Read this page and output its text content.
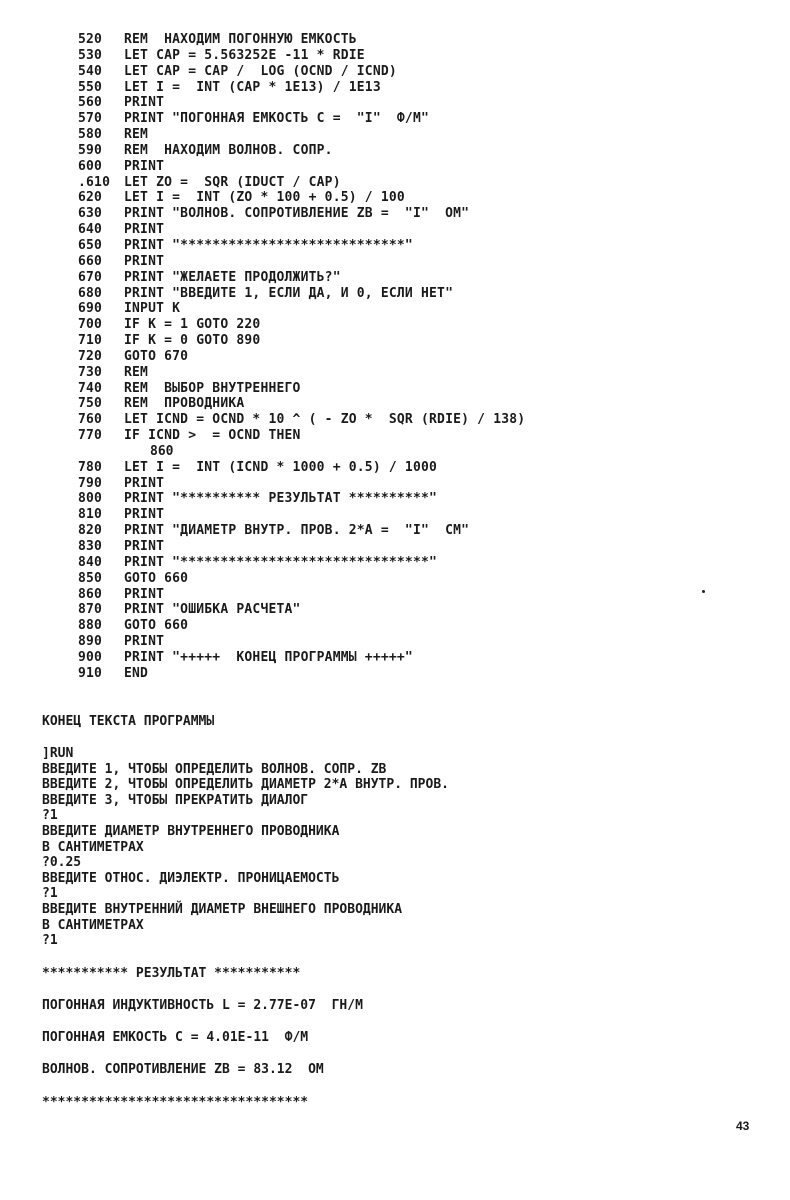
520	REM  НАХОДИМ ПОГОННУЮ ЕМКОСТЬ
530	LET CAP = 5.563252E -11 * RDIE
540	LET CAP = CAP /  LOG (OCND / ICND)
550	LET I =  INT (CAP * 1E13) / 1E13
560	PRINT
570	PRINT "ПОГОННАЯ ЕМКОСТЬ C =  "I"  Ф/М"
580	REM
590	REM  НАХОДИМ ВОЛНОВ. СОПР.
600	PRINT
.610	LET ZO =  SQR (IDUCT / CAP)
620	LET I =  INT (ZO * 100 + 0.5) / 100
630	PRINT "ВОЛНОВ. СОПРОТИВЛЕНИЕ ZB =  "I"  ОМ"
640	PRINT
650	PRINT "****************************"
660	PRINT
670	PRINT "ЖЕЛАЕТЕ ПРОДОЛЖИТЬ?"
680	PRINT "ВВЕДИТЕ 1, ЕСЛИ ДА, И 0, ЕСЛИ НЕТ"
690	INPUT K
700	IF K = 1 GOTO 220
710	IF K = 0 GOTO 890
720	GOTO 670
730	REM
740	REM  ВЫБОР ВНУТРЕННЕГО
750	REM  ПРОВОДНИКА
760	LET ICND = OCND * 10 ^ ( - ZO *  SQR (RDIE) / 138)
770	IF ICND >  = OCND THEN
860
780	LET I =  INT (ICND * 1000 + 0.5) / 1000
790	PRINT
800	PRINT "********** РЕЗУЛЬТАТ **********"
810	PRINT
820	PRINT "ДИАМЕТР ВНУТР. ПРОВ. 2*A =  "I"  СМ"
830	PRINT
840	PRINT "*******************************"
850	GOTO 660
860	PRINT
870	PRINT "ОШИБКА РАСЧЕТА"
880	GOTO 660
890	PRINT
900	PRINT "+++++  КОНЕЦ ПРОГРАММЫ +++++"
910	END
КОНЕЦ ТЕКСТА ПРОГРАММЫ
]RUN
ВВЕДИТЕ 1, ЧТОБЫ ОПРЕДЕЛИТЬ ВОЛНОВ. СОПР. ZB
ВВЕДИТЕ 2, ЧТОБЫ ОПРЕДЕЛИТЬ ДИАМЕТР 2*A ВНУТР. ПРОВ.
ВВЕДИТЕ 3, ЧТОБЫ ПРЕКРАТИТЬ ДИАЛОГ
?1
ВВЕДИТЕ ДИАМЕТР ВНУТРЕННЕГО ПРОВОДНИКА
В САНТИМЕТРАХ
?0.25
ВВЕДИТЕ ОТНОС. ДИЭЛЕКТР. ПРОНИЦАЕМОСТЬ
?1
ВВЕДИТЕ ВНУТРЕННИЙ ДИАМЕТР ВНЕШНЕГО ПРОВОДНИКА
В САНТИМЕТРАХ
?1
*********** РЕЗУЛЬТАТ ***********
ПОГОННАЯ ИНДУКТИВНОСТЬ L = 2.77E-07  ГН/М
ПОГОННАЯ ЕМКОСТЬ C = 4.01E-11  Ф/М
ВОЛНОВ. СОПРОТИВЛЕНИЕ ZB = 83.12  ОМ
**********************************
43
